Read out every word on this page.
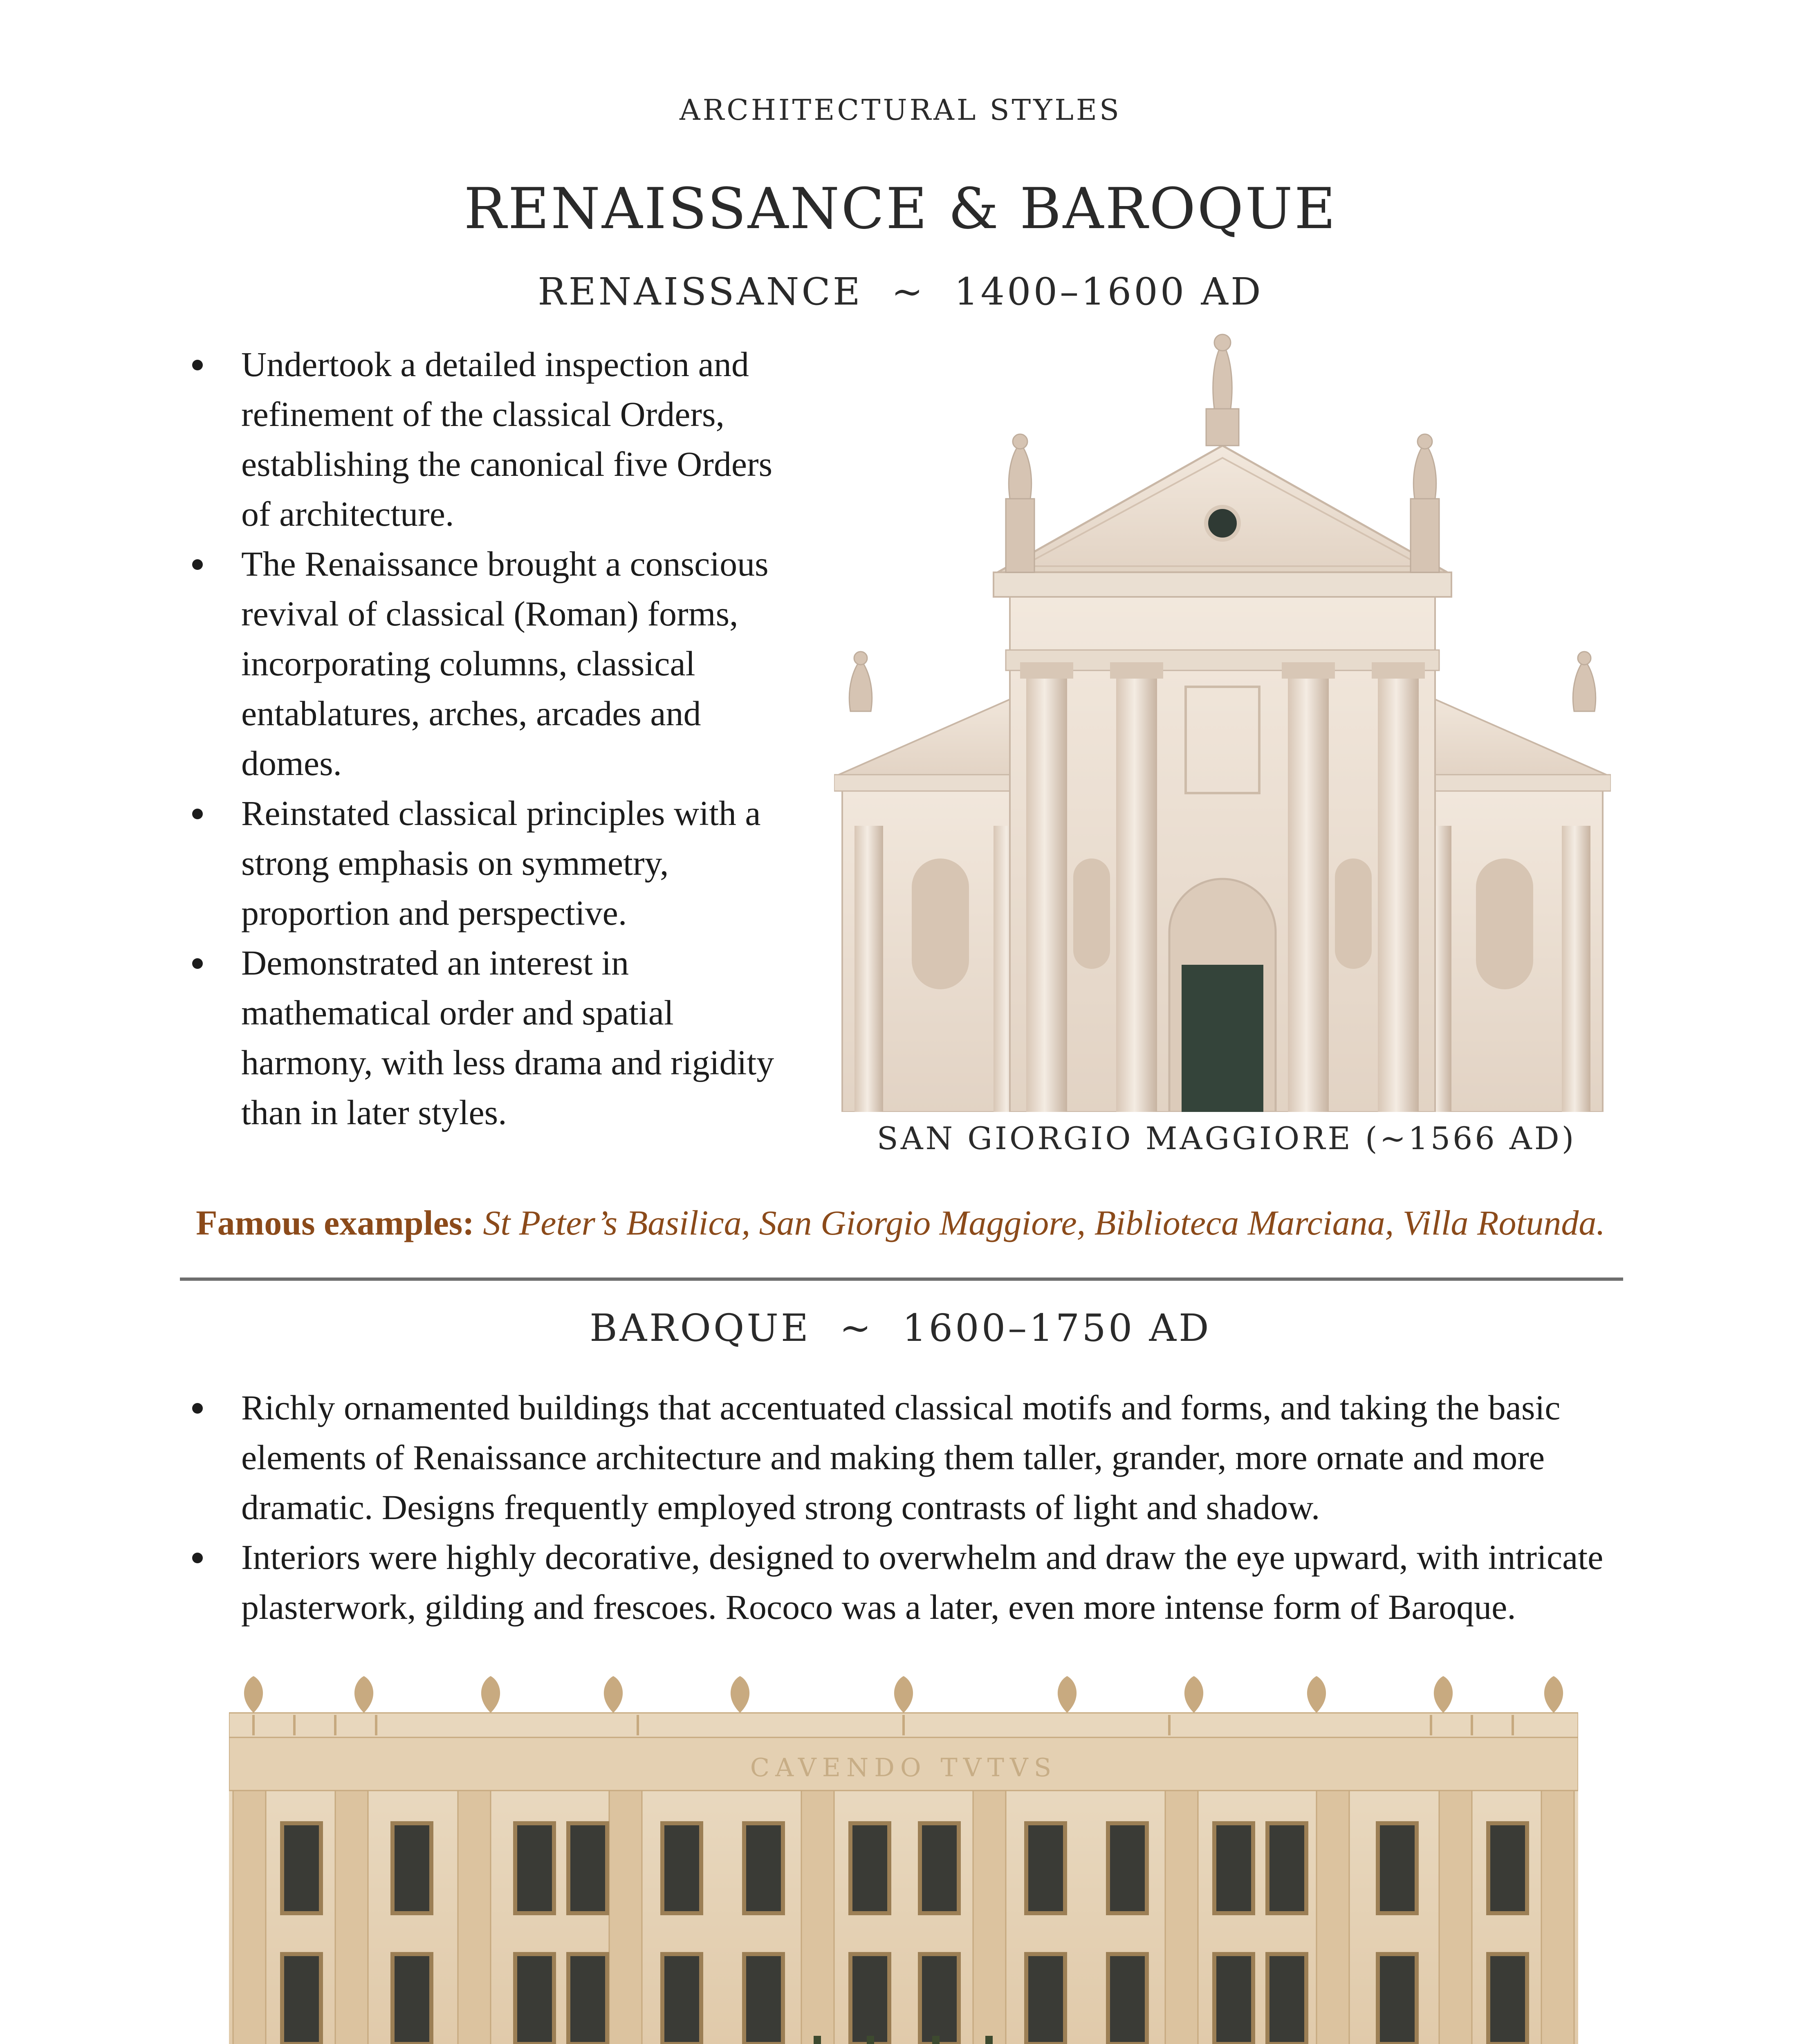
ARCHITECTURAL STYLES
RENAISSANCE & BAROQUE
RENAISSANCE  ~  1400–1600 AD
Undertook a detailed inspection and refinement of the classical Orders, establishing the canonical five Orders of architecture.
The Renaissance brought a conscious revival of classical (Roman) forms, incorporating columns, classical entablatures, arches, arcades and domes.
Reinstated classical principles with a strong emphasis on symmetry, proportion and perspective.
Demonstrated an interest in mathematical order and spatial harmony, with less drama and rigidity than in later styles.
SAN GIORGIO MAGGIORE (~1566 AD)
Famous examples: St Peter’s Basilica, San Giorgio Maggiore, Biblioteca Marciana, Villa Rotunda.
BAROQUE  ~  1600–1750 AD
Richly ornamented buildings that accentuated classical motifs and forms, and taking the basic elements of Renaissance architecture and making them taller, grander, more ornate and more dramatic. Designs frequently employed strong contrasts of light and shadow.
Interiors were highly decorative, designed to overwhelm and draw the eye upward, with intricate plasterwork, gilding and frescoes. Rococo was a later, even more intense form of Baroque.
CAVENDO TVTVS
